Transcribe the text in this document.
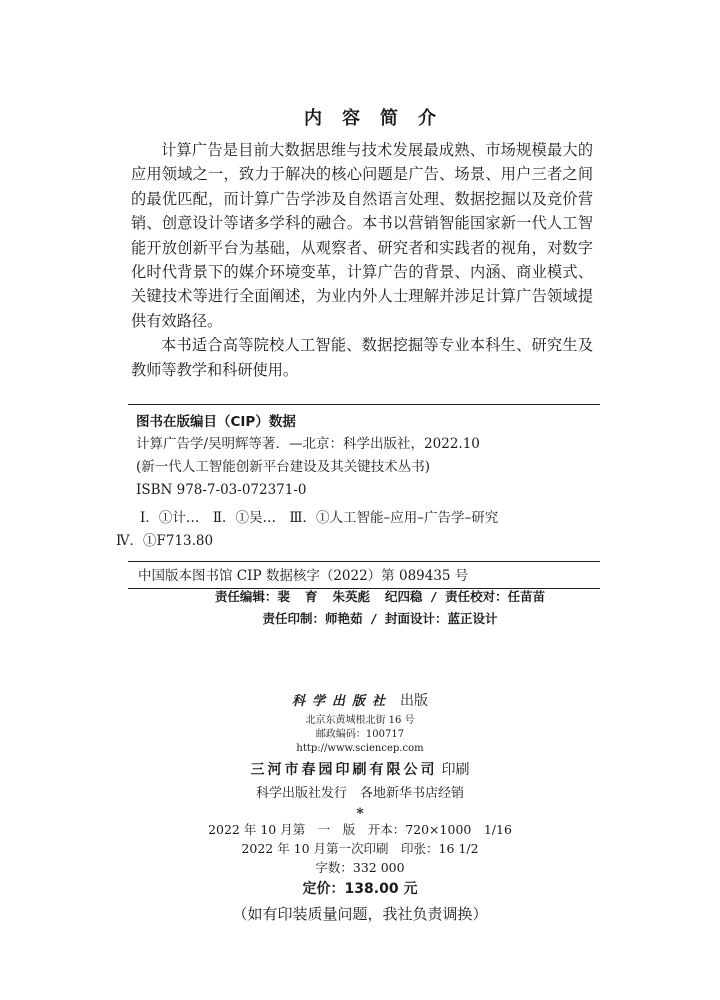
内容简介

计算广告是目前大数据思维与技术发展最成熟、市场规模最大的应用领域之一，致力于解决的核心问题是广告、场景、用户三者之间的最优匹配，而计算广告学涉及自然语言处理、数据挖掘以及竞价营销、创意设计等诸多学科的融合。本书以营销智能国家新一代人工智能开放创新平台为基础，从观察者、研究者和实践者的视角，对数字化时代背景下的媒介环境变革，计算广告的背景、内涵、商业模式、关键技术等进行全面阐述，为业内外人士理解并涉足计算广告领域提供有效路径。

本书适合高等院校人工智能、数据挖掘等专业本科生、研究生及教师等教学和科研使用。

图书在版编目（CIP）数据
计算广告学/吴明辉等著．—北京：科学出版社，2022.10
(新一代人工智能创新平台建设及其关键技术丛书)
ISBN 978-7-03-072371-0
Ⅰ．①计…　Ⅱ．①吴…　Ⅲ．①人工智能–应用–广告学–研究
Ⅳ．①F713.80
中国版本图书馆 CIP 数据核字（2022）第 089435 号
责任编辑：裴  育  朱英彪  纪四稳 / 责任校对：任苗苗
责任印制：师艳茹 / 封面设计：蓝正设计
科学出版社 出版
北京东黄城根北街 16 号
邮政编码：100717
http://www.sciencep.com
三河市春园印刷有限公司 印刷
科学出版社发行　各地新华书店经销
*
2022 年 10 月第　一　版　开本：720×1000　1/16
2022 年 10 月第一次印刷　印张：16 1/2
字数：332 000
定价：138.00 元
（如有印装质量问题，我社负责调换）
